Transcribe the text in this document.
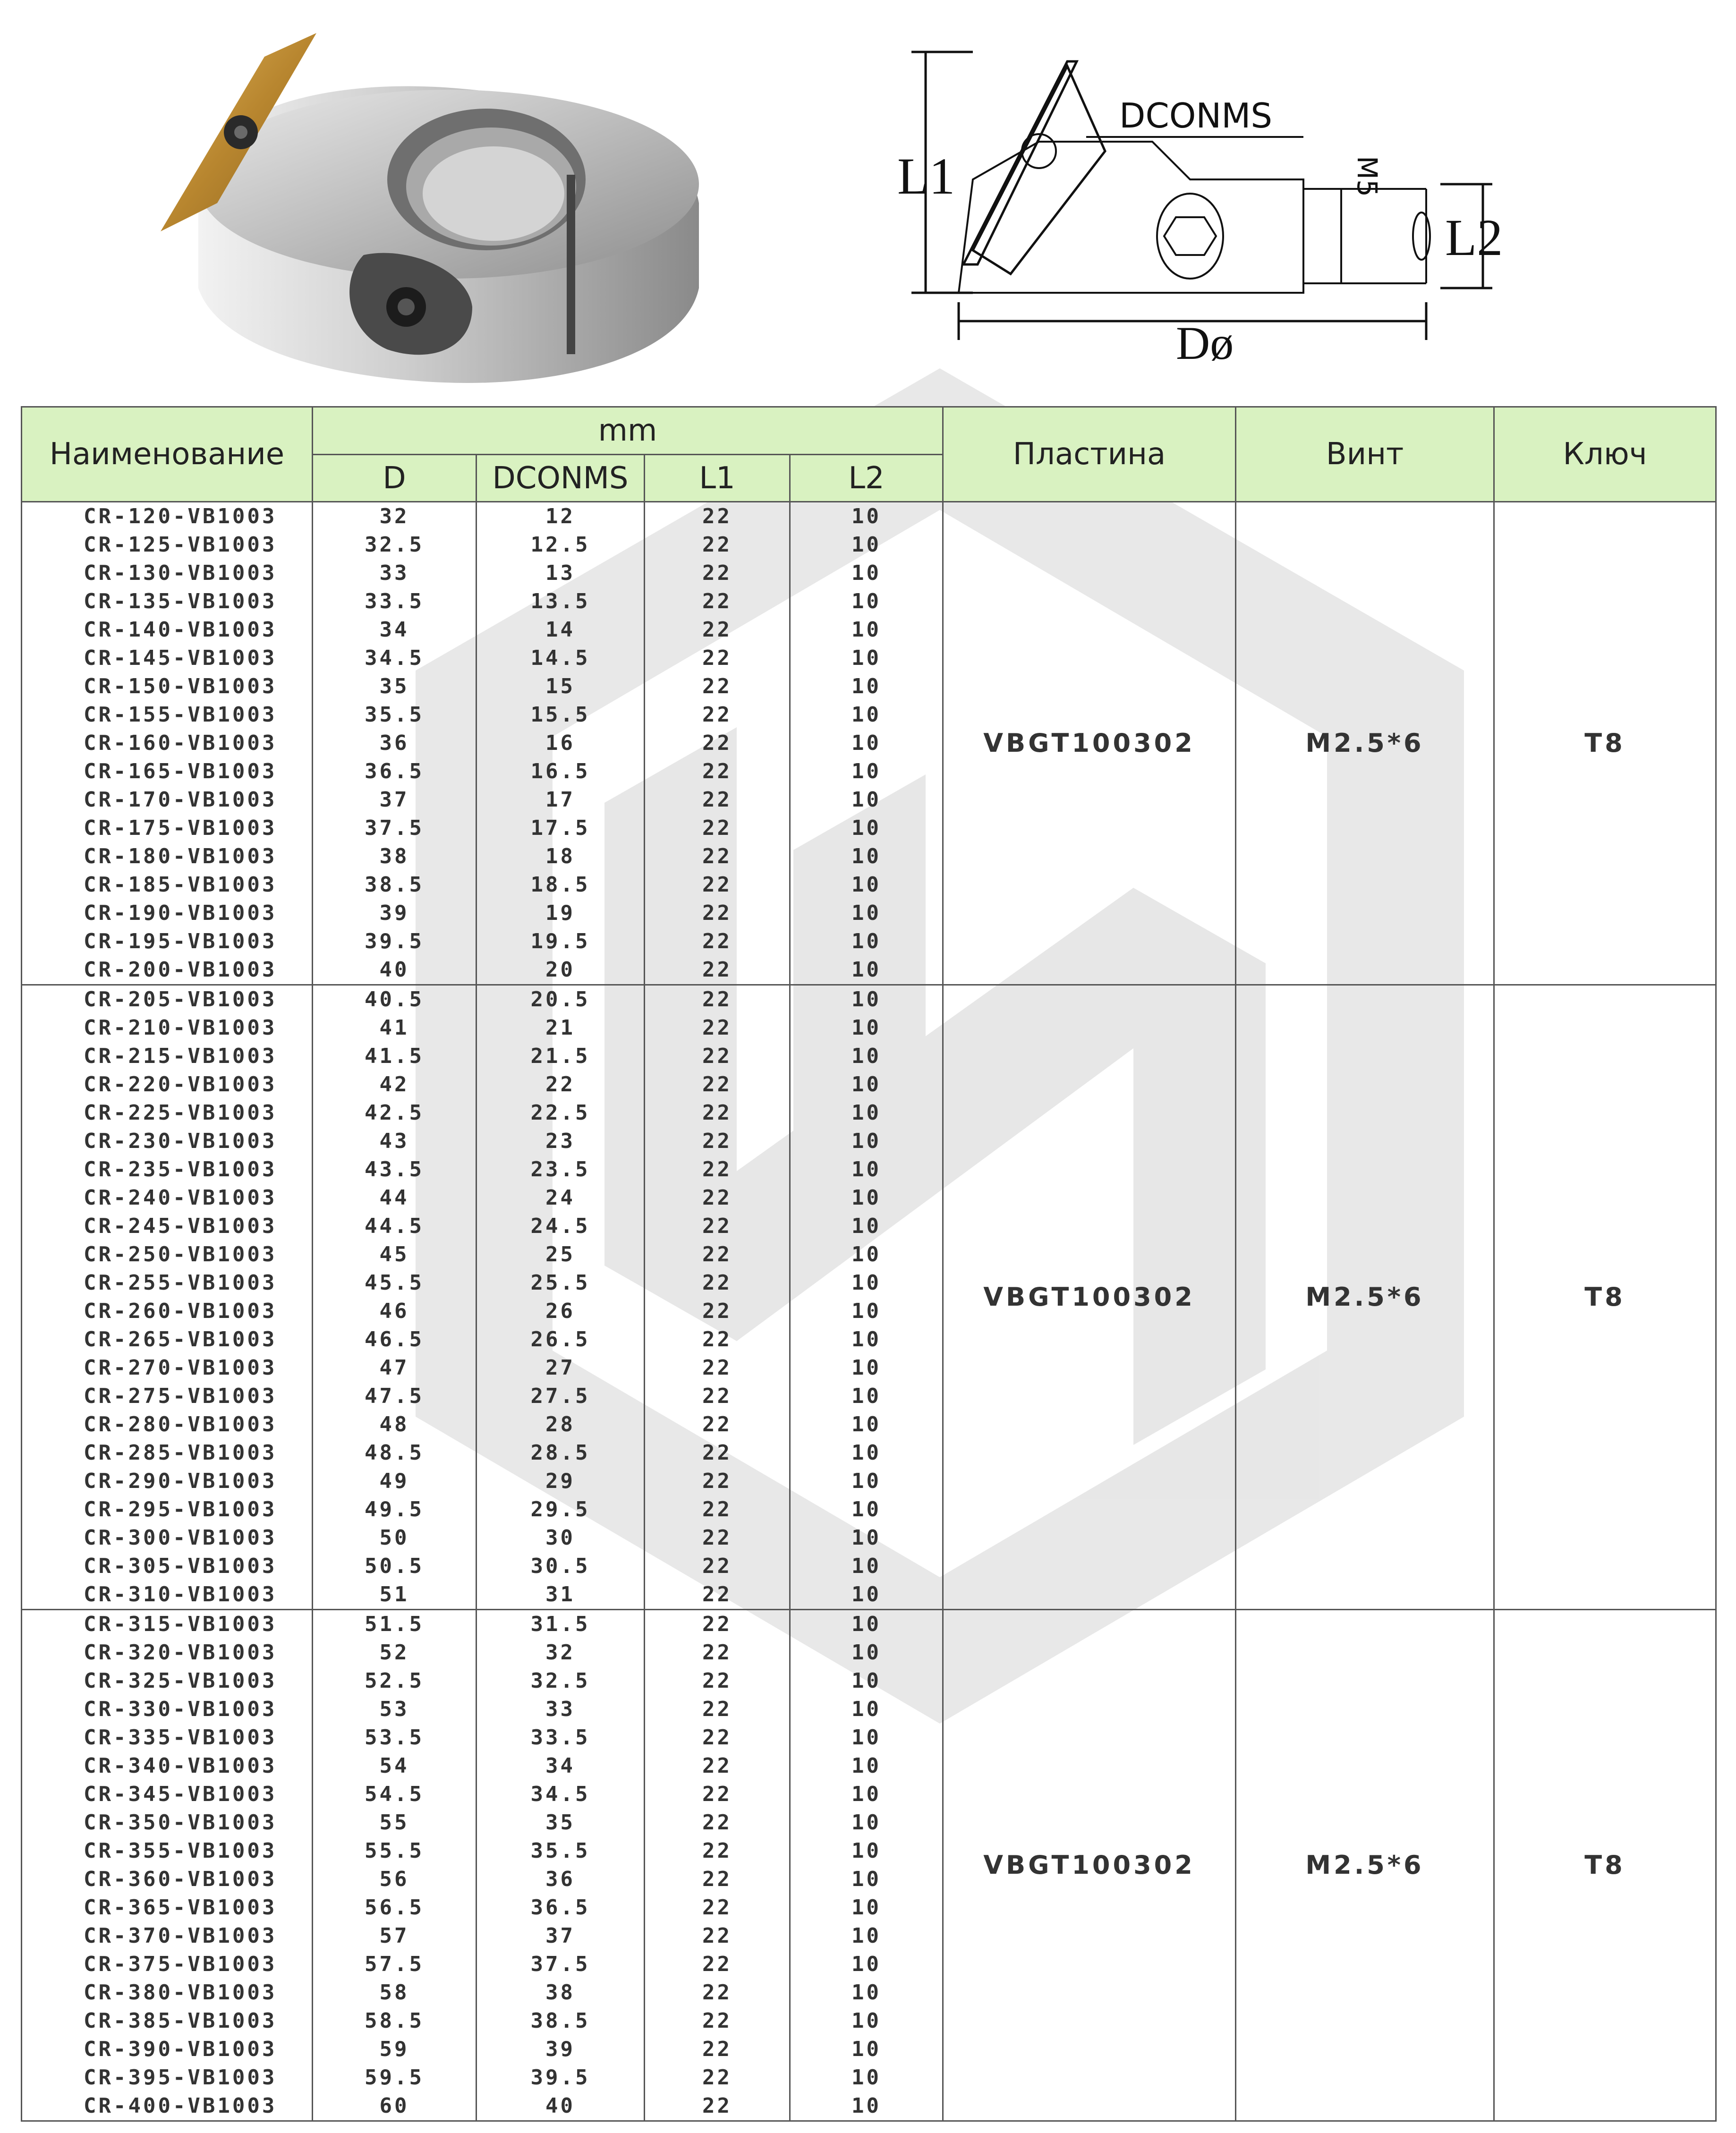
L1
DCONMS
M5
L2
Dø
Наименование	mm				Пластина	Винт	Ключ
	D	DCONMS	L1	L2			
CR-120-VB1003	32	12	22	10	VBGT100302	M2.5*6	T8
CR-125-VB1003	32.5	12.5	22	10			
CR-130-VB1003	33	13	22	10			
CR-135-VB1003	33.5	13.5	22	10			
CR-140-VB1003	34	14	22	10			
CR-145-VB1003	34.5	14.5	22	10			
CR-150-VB1003	35	15	22	10			
CR-155-VB1003	35.5	15.5	22	10			
CR-160-VB1003	36	16	22	10			
CR-165-VB1003	36.5	16.5	22	10			
CR-170-VB1003	37	17	22	10			
CR-175-VB1003	37.5	17.5	22	10			
CR-180-VB1003	38	18	22	10			
CR-185-VB1003	38.5	18.5	22	10			
CR-190-VB1003	39	19	22	10			
CR-195-VB1003	39.5	19.5	22	10			
CR-200-VB1003	40	20	22	10			
CR-205-VB1003	40.5	20.5	22	10	VBGT100302	M2.5*6	T8
CR-210-VB1003	41	21	22	10			
CR-215-VB1003	41.5	21.5	22	10			
CR-220-VB1003	42	22	22	10			
CR-225-VB1003	42.5	22.5	22	10			
CR-230-VB1003	43	23	22	10			
CR-235-VB1003	43.5	23.5	22	10			
CR-240-VB1003	44	24	22	10			
CR-245-VB1003	44.5	24.5	22	10			
CR-250-VB1003	45	25	22	10			
CR-255-VB1003	45.5	25.5	22	10			
CR-260-VB1003	46	26	22	10			
CR-265-VB1003	46.5	26.5	22	10			
CR-270-VB1003	47	27	22	10			
CR-275-VB1003	47.5	27.5	22	10			
CR-280-VB1003	48	28	22	10			
CR-285-VB1003	48.5	28.5	22	10			
CR-290-VB1003	49	29	22	10			
CR-295-VB1003	49.5	29.5	22	10			
CR-300-VB1003	50	30	22	10			
CR-305-VB1003	50.5	30.5	22	10			
CR-310-VB1003	51	31	22	10			
CR-315-VB1003	51.5	31.5	22	10	VBGT100302	M2.5*6	T8
CR-320-VB1003	52	32	22	10			
CR-325-VB1003	52.5	32.5	22	10			
CR-330-VB1003	53	33	22	10			
CR-335-VB1003	53.5	33.5	22	10			
CR-340-VB1003	54	34	22	10			
CR-345-VB1003	54.5	34.5	22	10			
CR-350-VB1003	55	35	22	10			
CR-355-VB1003	55.5	35.5	22	10			
CR-360-VB1003	56	36	22	10			
CR-365-VB1003	56.5	36.5	22	10			
CR-370-VB1003	57	37	22	10			
CR-375-VB1003	57.5	37.5	22	10			
CR-380-VB1003	58	38	22	10			
CR-385-VB1003	58.5	38.5	22	10			
CR-390-VB1003	59	39	22	10			
CR-395-VB1003	59.5	39.5	22	10			
CR-400-VB1003	60	40	22	10			
